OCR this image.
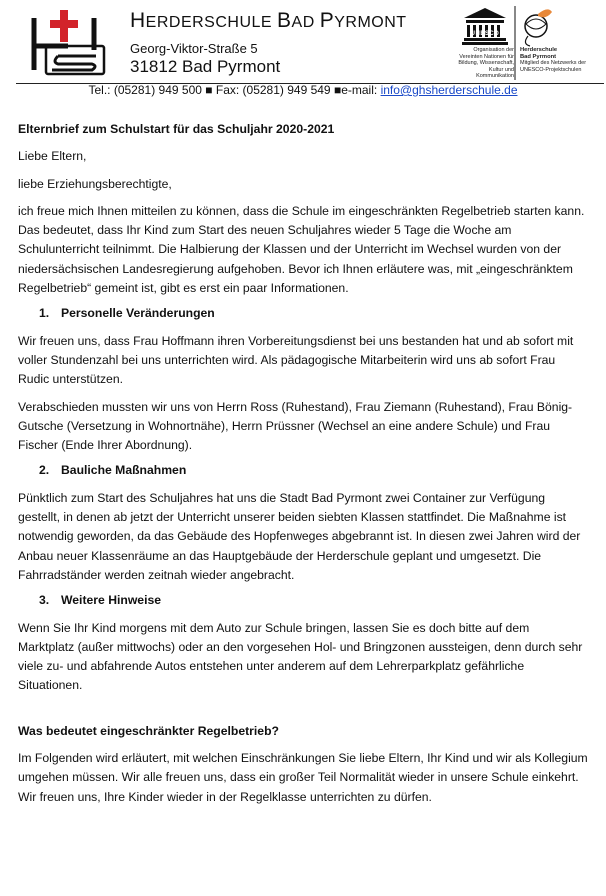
HERDERSCHULE BAD PYRMONT
Georg-Viktor-Straße 5
31812 Bad Pyrmont
UNESCO
Organisation der Vereinten Nationen für Bildung, Wissenschaft, Kultur und Kommunikation
Herderschule
Bad Pyrmont
Mitglied des Netzwerks der UNESCO-Projektschulen
Tel.: (05281) 949 500 ■ Fax: (05281) 949 549 ■e-mail: info@ghsherderschule.de

Elternbrief zum Schulstart für das Schuljahr 2020-2021

Liebe Eltern,

liebe Erziehungsberechtigte,

ich freue mich Ihnen mitteilen zu können, dass die Schule im eingeschränkten Regelbetrieb starten kann. Das bedeutet, dass Ihr Kind zum Start des neuen Schuljahres wieder 5 Tage die Woche am Schulunterricht teilnimmt. Die Halbierung der Klassen und der Unterricht im Wechsel wurden von der niedersächsischen Landesregierung aufgehoben. Bevor ich Ihnen erläutere was, mit „eingeschränktem Regelbetrieb“ gemeint ist, gibt es erst ein paar Informationen.

1. Personelle Veränderungen

Wir freuen uns, dass Frau Hoffmann ihren Vorbereitungsdienst bei uns bestanden hat und ab sofort mit voller Stundenzahl bei uns unterrichten wird. Als pädagogische Mitarbeiterin wird uns ab sofort Frau Rudic unterstützen.

Verabschieden mussten wir uns von Herrn Ross (Ruhestand), Frau Ziemann (Ruhestand), Frau Bönig-Gutsche (Versetzung in Wohnortnähe), Herrn Prüssner (Wechsel an eine andere Schule) und Frau Fischer (Ende Ihrer Abordnung).

2. Bauliche Maßnahmen

Pünktlich zum Start des Schuljahres hat uns die Stadt Bad Pyrmont zwei Container zur Verfügung gestellt, in denen ab jetzt der Unterricht unserer beiden siebten Klassen stattfindet. Die Maßnahme ist notwendig geworden, da das Gebäude des Hopfenweges abgebrannt ist. In diesen zwei Jahren wird der Anbau neuer Klassenräume an das Hauptgebäude der Herderschule geplant und umgesetzt. Die Fahrradständer werden zeitnah wieder angebracht.

3. Weitere Hinweise

Wenn Sie Ihr Kind morgens mit dem Auto zur Schule bringen, lassen Sie es doch bitte auf dem Marktplatz (außer mittwochs) oder an den vorgesehen Hol- und Bringzonen aussteigen, denn durch sehr viele zu- und abfahrende Autos entstehen unter anderem auf dem Lehrerparkplatz gefährliche Situationen.

Was bedeutet eingeschränkter Regelbetrieb?

Im Folgenden wird erläutert, mit welchen Einschränkungen Sie liebe Eltern, Ihr Kind und wir als Kollegium umgehen müssen. Wir alle freuen uns, dass ein großer Teil Normalität wieder in unsere Schule einkehrt. Wir freuen uns, Ihre Kinder wieder in der Regelklasse unterrichten zu dürfen.
